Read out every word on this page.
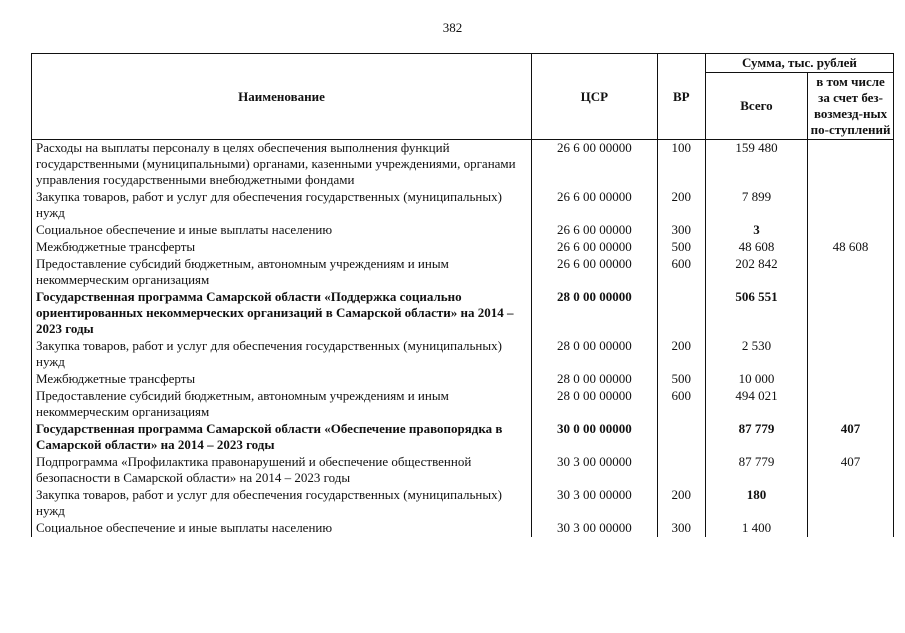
382
Наименование	ЦСР	ВР	Сумма, тыс. рублей	
			Всего	в том числе за счет без-возмезд-ных по-ступлений
Расходы на выплаты персоналу в целях обеспечения выполнения функций государственными (муниципальными) органами, казенными учреждениями, органами управления государственными внебюджетными фондами	26 6 00 00000	100	159 480	
Закупка товаров, работ и услуг для обеспечения государственных (муниципальных) нужд	26 6 00 00000	200	7 899	
Социальное обеспечение и иные выплаты населению	26 6 00 00000	300	3	
Межбюджетные трансферты	26 6 00 00000	500	48 608	48 608
Предоставление субсидий бюджетным, автономным учреждениям и иным некоммерческим организациям	26 6 00 00000	600	202 842	
Государственная программа Самарской области «Поддержка социально ориентированных некоммерческих организаций в Самарской области» на 2014 – 2023 годы	28 0 00 00000		506 551	
Закупка товаров, работ и услуг для обеспечения государственных (муниципальных) нужд	28 0 00 00000	200	2 530	
Межбюджетные трансферты	28 0 00 00000	500	10 000	
Предоставление субсидий бюджетным, автономным учреждениям и иным некоммерческим организациям	28 0 00 00000	600	494 021	
Государственная программа Самарской области «Обеспечение правопорядка в Самарской области» на 2014 – 2023 годы	30 0 00 00000		87 779	407
Подпрограмма «Профилактика правонарушений и обеспечение общественной безопасности в Самарской области» на 2014 – 2023 годы	30 3 00 00000		87 779	407
Закупка товаров, работ и услуг для обеспечения государственных (муниципальных) нужд	30 3 00 00000	200	180	
Социальное обеспечение и иные выплаты населению	30 3 00 00000	300	1 400	
